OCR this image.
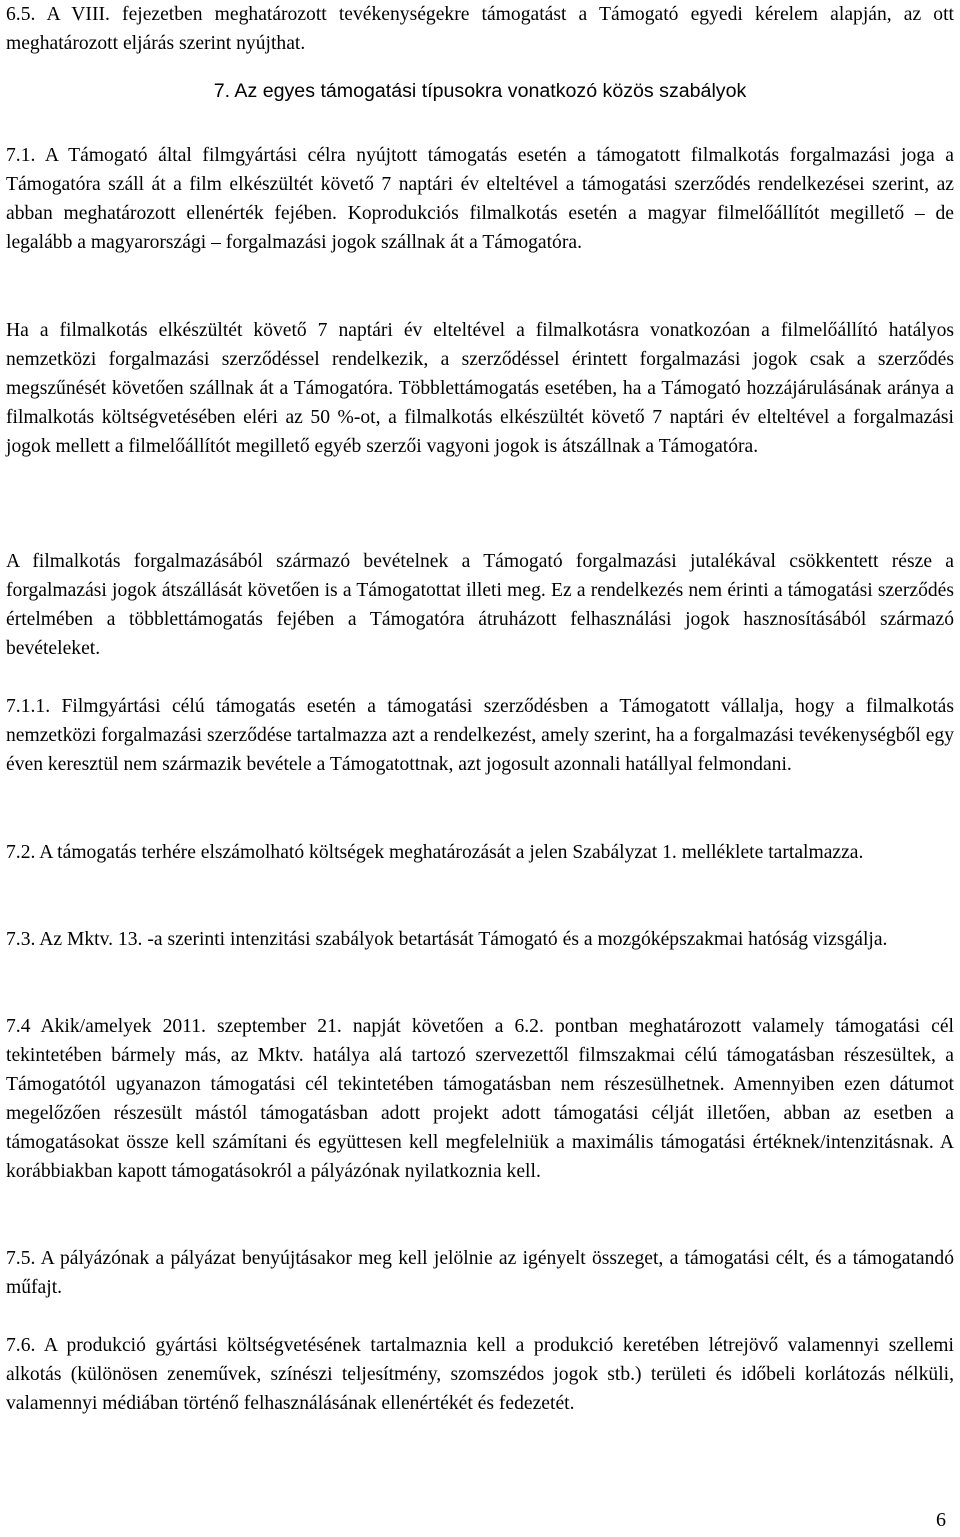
6.5. A VIII. fejezetben meghatározott tevékenységekre támogatást a Támogató egyedi kérelem alapján, az ott meghatározott eljárás szerint nyújthat.

7. Az egyes támogatási típusokra vonatkozó közös szabályok

7.1. A Támogató által filmgyártási célra nyújtott támogatás esetén a támogatott filmalkotás forgalmazási joga a Támogatóra száll át a film elkészültét követő 7 naptári év elteltével a támogatási szerződés rendelkezései szerint, az abban meghatározott ellenérték fejében. Koprodukciós filmalkotás esetén a magyar filmelőállítót megillető – de legalább a magyarországi – forgalmazási jogok szállnak át a Támogatóra.

Ha a filmalkotás elkészültét követő 7 naptári év elteltével a filmalkotásra vonatkozóan a filmelőállító hatályos nemzetközi forgalmazási szerződéssel rendelkezik, a szerződéssel érintett forgalmazási jogok csak a szerződés megszűnését követően szállnak át a Támogatóra. Többlettámogatás esetében, ha a Támogató hozzájárulásának aránya a filmalkotás költségvetésében eléri az 50 %-ot, a filmalkotás elkészültét követő 7 naptári év elteltével a forgalmazási jogok mellett a filmelőállítót megillető egyéb szerzői vagyoni jogok is átszállnak a Támogatóra.

A filmalkotás forgalmazásából származó bevételnek a Támogató forgalmazási jutalékával csökkentett része a forgalmazási jogok átszállását követően is a Támogatottat illeti meg. Ez a rendelkezés nem érinti a támogatási szerződés értelmében a többlettámogatás fejében a Támogatóra átruházott felhasználási jogok hasznosításából származó bevételeket.

7.1.1. Filmgyártási célú támogatás esetén a támogatási szerződésben a Támogatott vállalja, hogy a filmalkotás nemzetközi forgalmazási szerződése tartalmazza azt a rendelkezést, amely szerint, ha a forgalmazási tevékenységből egy éven keresztül nem származik bevétele a Támogatottnak, azt jogosult azonnali hatállyal felmondani.

7.2. A támogatás terhére elszámolható költségek meghatározását a jelen Szabályzat 1. melléklete tartalmazza.

7.3. Az Mktv. 13. -a szerinti intenzitási szabályok betartását Támogató és a mozgóképszakmai hatóság vizsgálja.

7.4 Akik/amelyek 2011. szeptember 21. napját követően a 6.2. pontban meghatározott valamely támogatási cél tekintetében bármely más, az Mktv. hatálya alá tartozó szervezettől filmszakmai célú támogatásban részesültek, a Támogatótól ugyanazon támogatási cél tekintetében támogatásban nem részesülhetnek. Amennyiben ezen dátumot megelőzően részesült mástól támogatásban adott projekt adott támogatási célját illetően, abban az esetben a támogatásokat össze kell számítani és együttesen kell megfelelniük a maximális támogatási értéknek/intenzitásnak. A korábbiakban kapott támogatásokról a pályázónak nyilatkoznia kell.

7.5. A pályázónak a pályázat benyújtásakor meg kell jelölnie az igényelt összeget, a támogatási célt, és a támogatandó műfajt.

7.6. A produkció gyártási költségvetésének tartalmaznia kell a produkció keretében létrejövő valamennyi szellemi alkotás (különösen zeneművek, színészi teljesítmény, szomszédos jogok stb.) területi és időbeli korlátozás nélküli, valamennyi médiában történő felhasználásának ellenértékét és fedezetét.

6
